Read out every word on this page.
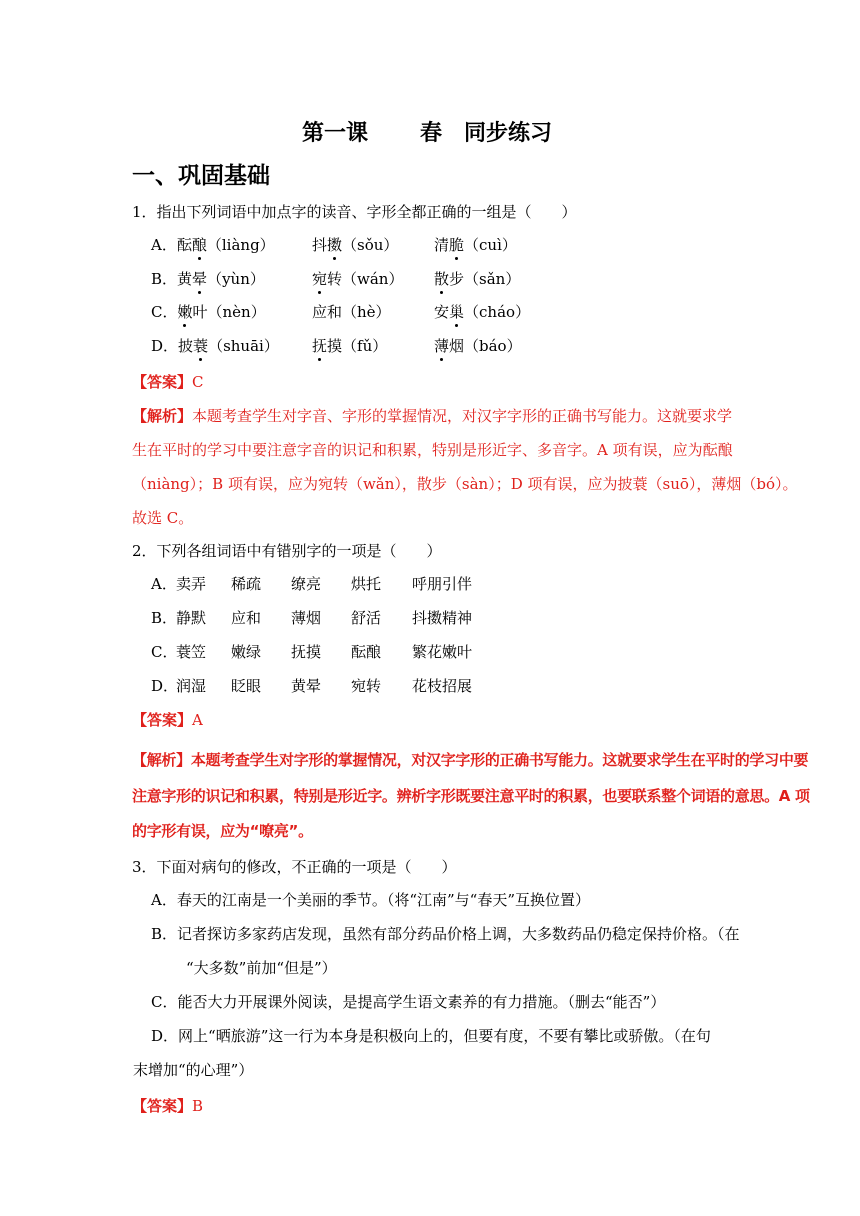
第一课 春 同步练习
一、巩固基础
1．指出下列词语中加点字的读音、字形全都正确的一组是（　　）
A．酝酿（liàng） 抖擞（sǒu） 清脆（cuì）
B．黄晕（yùn）	宛转（wán） 散步（sǎn）
C．嫩叶（nèn）	应和（hè）	安巢（cháo）
D．披蓑（shuāi） 抚摸（fǔ）	薄烟（báo）
【答案】C
【解析】本题考查学生对字音、字形的掌握情况，对汉字字形的正确书写能力。这就要求学
生在平时的学习中要注意字音的识记和积累，特别是形近字、多音字。A 项有误，应为酝酿
（niàng）；B 项有误，应为宛转（wǎn），散步（sàn）；D 项有误，应为披蓑（suō），薄烟（bó）。
故选 C。
2．下列各组词语中有错别字的一项是（　　）
A． 卖弄 稀疏 缭亮 烘托 呼朋引伴
B．
静默 应和 薄烟 舒活 抖擞精神
C．
蓑笠 嫩绿 抚摸 酝酿 繁花嫩叶
D．
润湿 眨眼 黄晕 宛转 花枝招展
【答案】A
【解析】本题考查学生对字形的掌握情况，对汉字字形的正确书写能力。这就要求学生在平时的学习中要
注意字形的识记和积累，特别是形近字。辨析字形既要注意平时的积累，也要联系整个词语的意思。A 项
的字形有误，应为“嘹亮”。
3．下面对病句的修改，不正确的一项是（　　）
A．春天的江南是一个美丽的季节。（将“江南”与“春天”互换位置）
B．记者探访多家药店发现，虽然有部分药品价格上调，大多数药品仍稳定保持价格。（在
“大多数”前加“但是”）
C．能否大力开展课外阅读，是提高学生语文素养的有力措施。（删去“能否”）
D．网上“晒旅游”这一行为本身是积极向上的，但要有度，不要有攀比或骄傲。（在句
末增加“的心理”）
【答案】B
